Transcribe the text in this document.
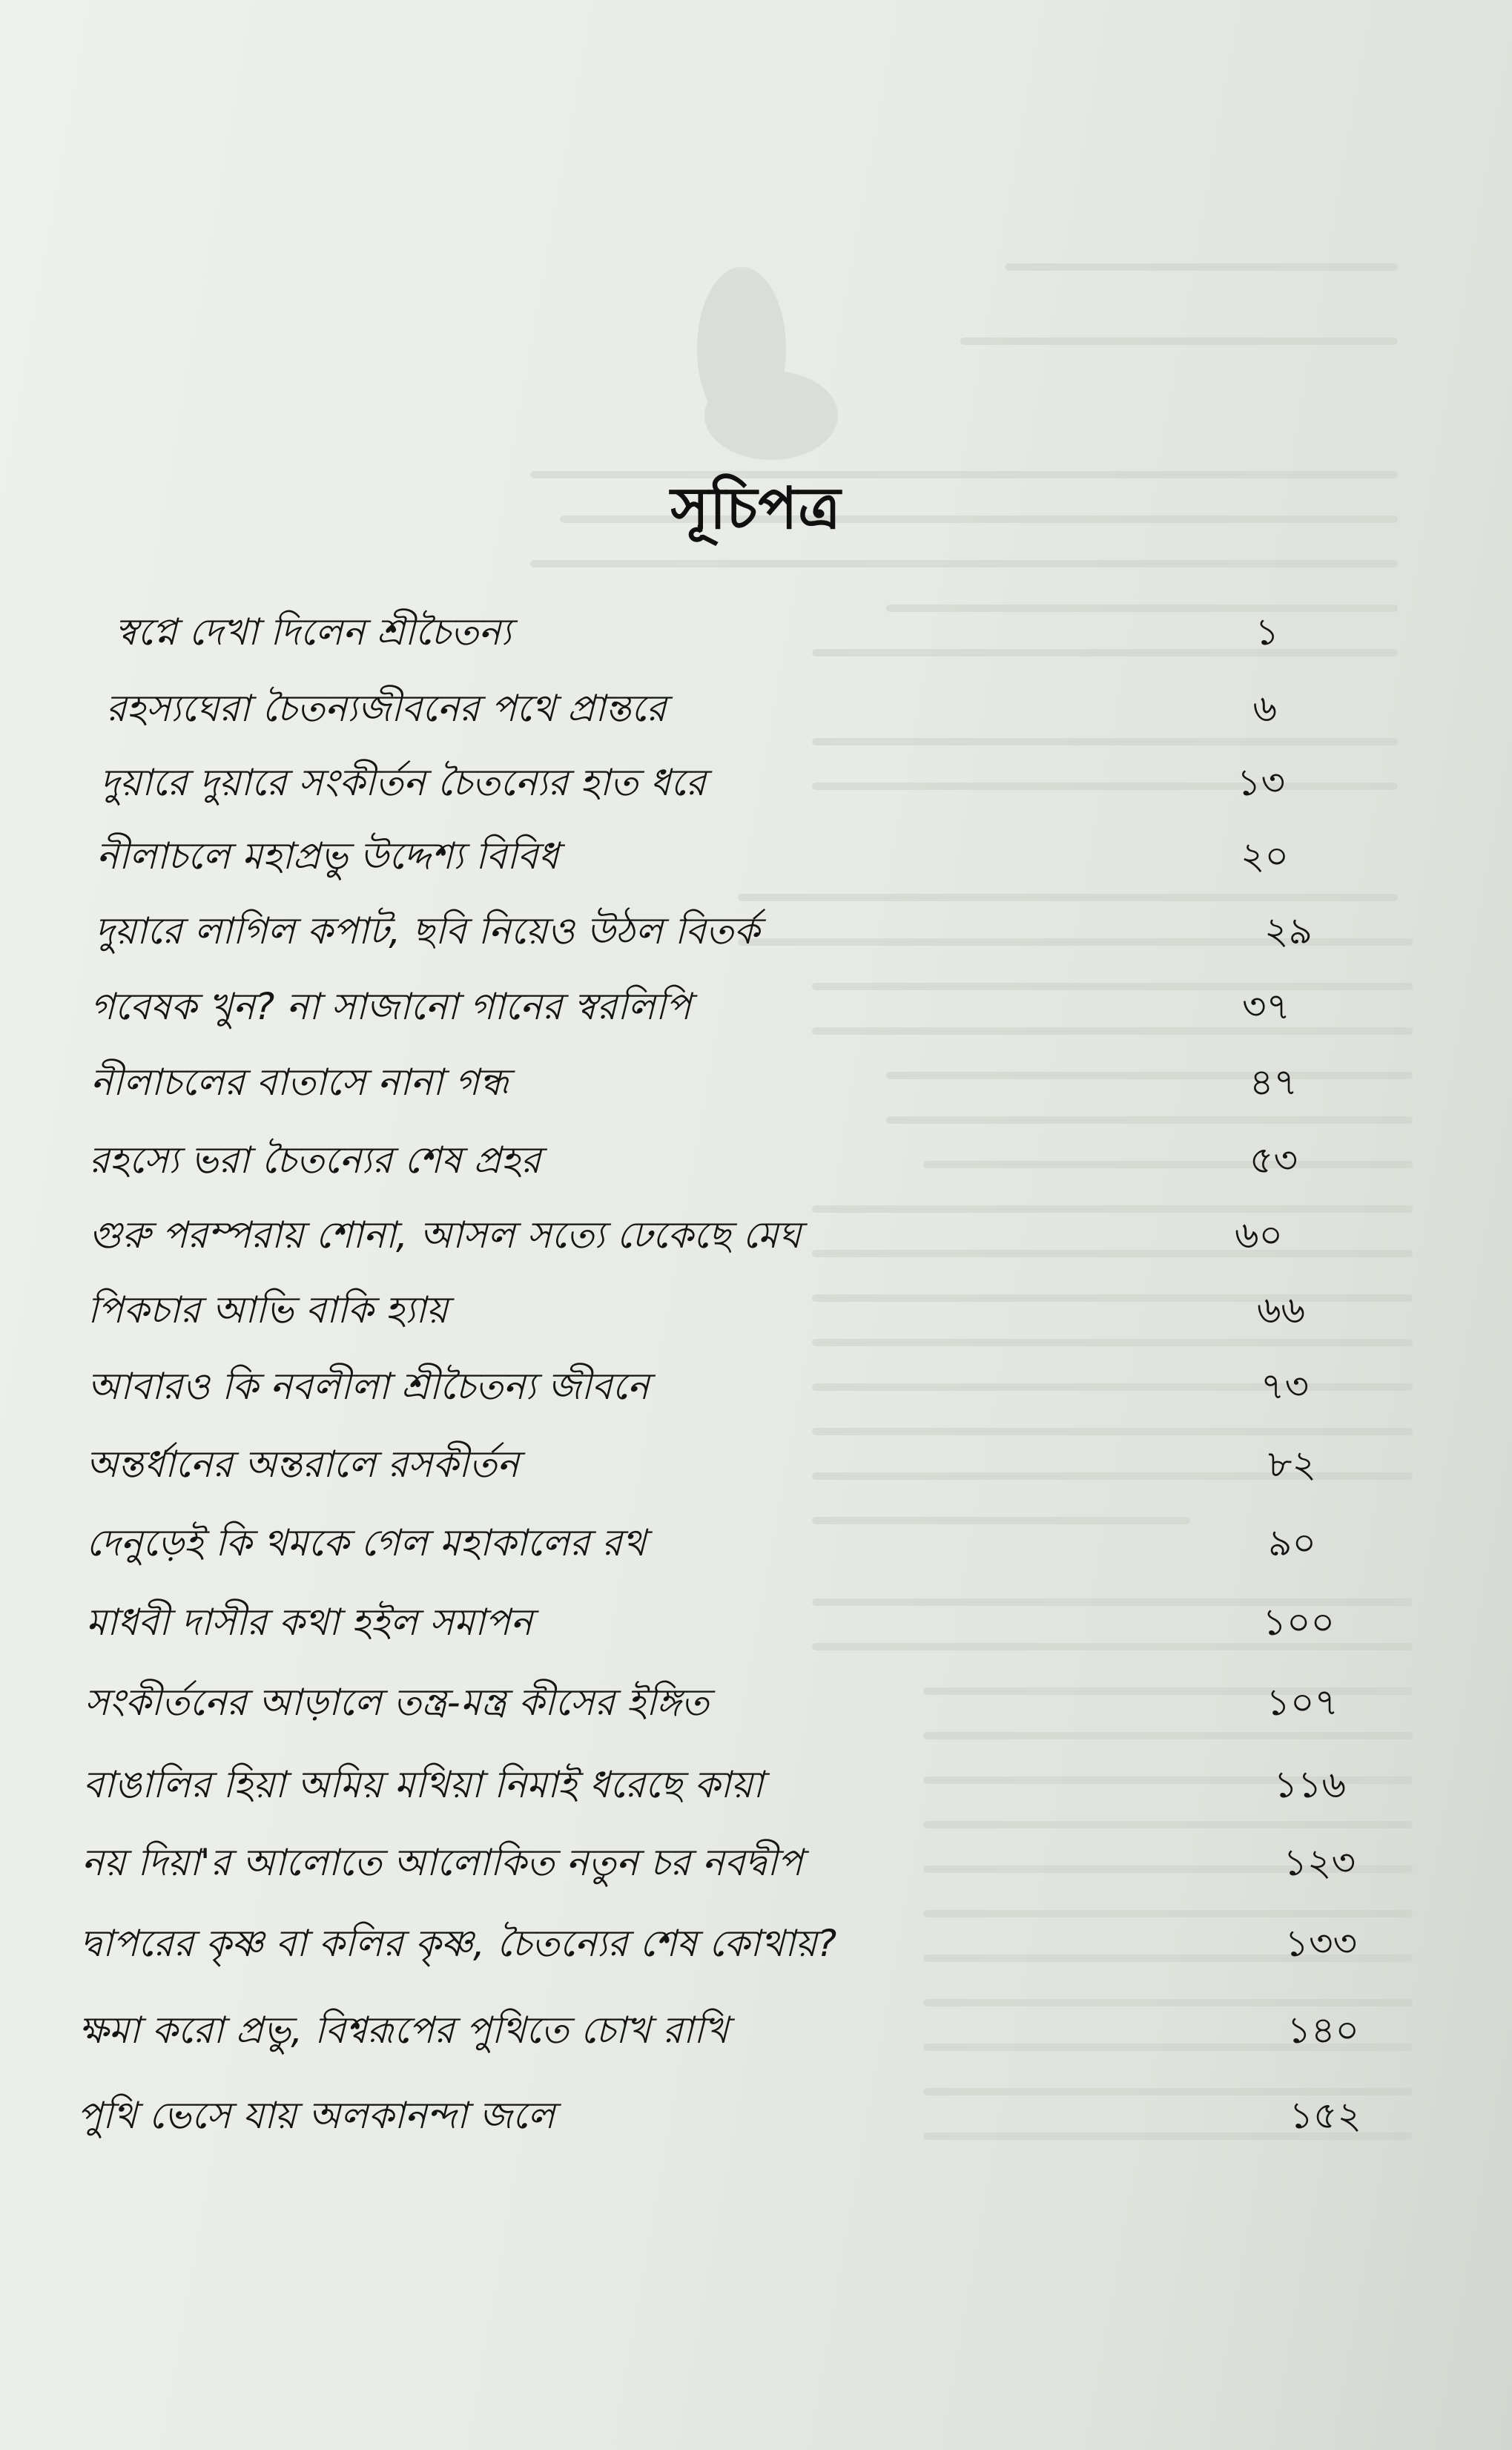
সূচিপত্র
স্বপ্নে দেখা দিলেন শ্রীচৈতন্য	১
রহস্যঘেরা চৈতন্যজীবনের পথে প্রান্তরে	৬
দুয়ারে দুয়ারে সংকীর্তন চৈতন্যের হাত ধরে	১৩
নীলাচলে মহাপ্রভু উদ্দেশ্য বিবিধ	২০
দুয়ারে লাগিল কপাট, ছবি নিয়েও উঠল বিতর্ক	২৯
গবেষক খুন? না সাজানো গানের স্বরলিপি	৩৭
নীলাচলের বাতাসে নানা গন্ধ	৪৭
রহস্যে ভরা চৈতন্যের শেষ প্রহর	৫৩
গুরু পরম্পরায় শোনা, আসল সত্যে ঢেকেছে মেঘ	৬০
পিকচার আভি বাকি হ্যায়	৬৬
আবারও কি নবলীলা শ্রীচৈতন্য জীবনে	৭৩
অন্তর্ধানের অন্তরালে রসকীর্তন	৮২
দেনুড়েই কি থমকে গেল মহাকালের রথ	৯০
মাধবী দাসীর কথা হইল সমাপন	১০০
সংকীর্তনের আড়ালে তন্ত্র-মন্ত্র কীসের ইঙ্গিত	১০৭
বাঙালির হিয়া অমিয় মথিয়া নিমাই ধরেছে কায়া	১১৬
নয় দিয়া'র আলোতে আলোকিত নতুন চর নবদ্বীপ	১২৩
দ্বাপরের কৃষ্ণ বা কলির কৃষ্ণ, চৈতন্যের শেষ কোথায়?	১৩৩
ক্ষমা করো প্রভু, বিশ্বরূপের পুথিতে চোখ রাখি	১৪০
পুথি ভেসে যায় অলকানন্দা জলে	১৫২
